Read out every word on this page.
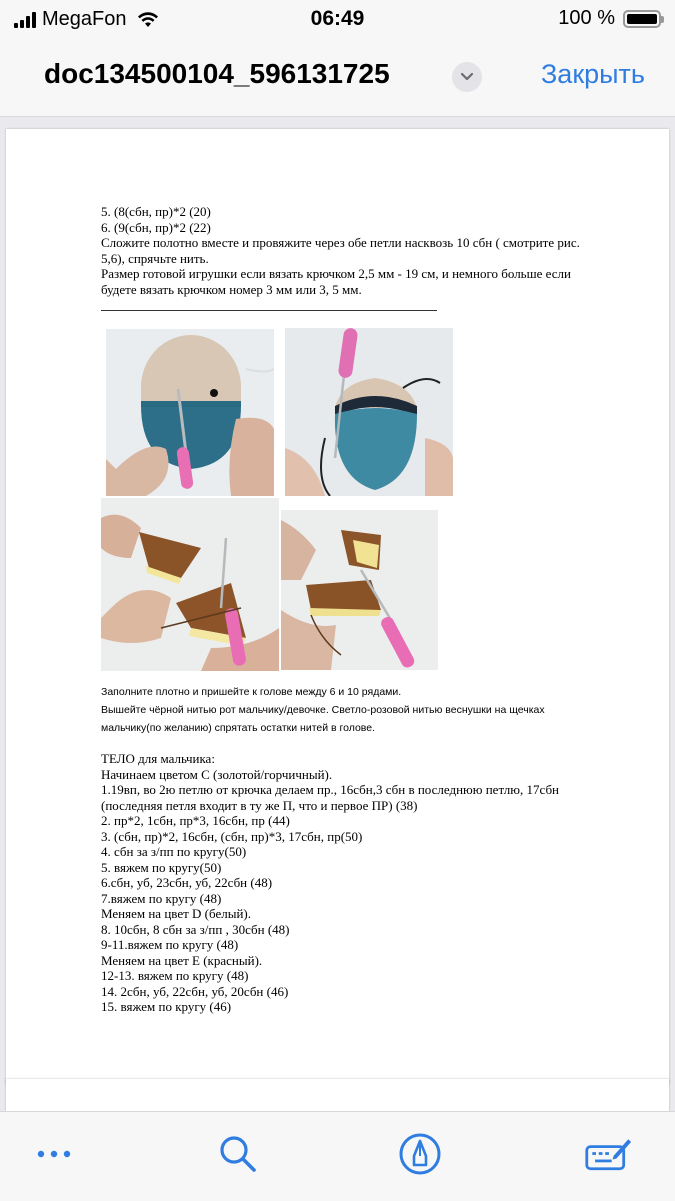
MegaFon	06:49	100 %
doc134500104_596131725	Закрыть
5. (8(сбн, пр)*2 (20)
6. (9(сбн, пр)*2 (22)
Сложите полотно вместе и провяжите через обе петли насквозь 10 сбн ( смотрите рис.
5,6), спрячьте нить.
Размер готовой игрушки если вязать крючком 2,5 мм - 19 см, и немного больше если
будете вязать крючком номер 3 мм или 3, 5 мм.
Заполните плотно и пришейте к голове между 6 и 10 рядами.
Вышейте чёрной нитью рот мальчику/девочке. Светло-розовой нитью веснушки на щечках
мальчику(по желанию) спрятать остатки нитей в голове.
ТЕЛО для мальчика:
Начинаем цветом С (золотой/горчичный).
1.19вп, во 2ю петлю от крючка делаем пр., 16сбн,3 сбн в последнюю петлю, 17сбн
(последняя петля входит в ту же П, что и первое ПР) (38)
2. пр*2, 1сбн, пр*3, 16сбн, пр (44)
3. (сбн, пр)*2, 16сбн, (сбн, пр)*3, 17сбн, пр(50)
4. сбн за з/пп по кругу(50)
5. вяжем по кругу(50)
6.сбн, уб, 23сбн, уб, 22сбн (48)
7.вяжем по кругу (48)
Меняем на цвет D (белый).
8. 10сбн, 8 сбн за з/пп , 30сбн (48)
9-11.вяжем по кругу (48)
Меняем на цвет E (красный).
12-13. вяжем по кругу (48)
14. 2сбн, уб, 22сбн, уб, 20сбн (46)
15. вяжем по кругу (46)
